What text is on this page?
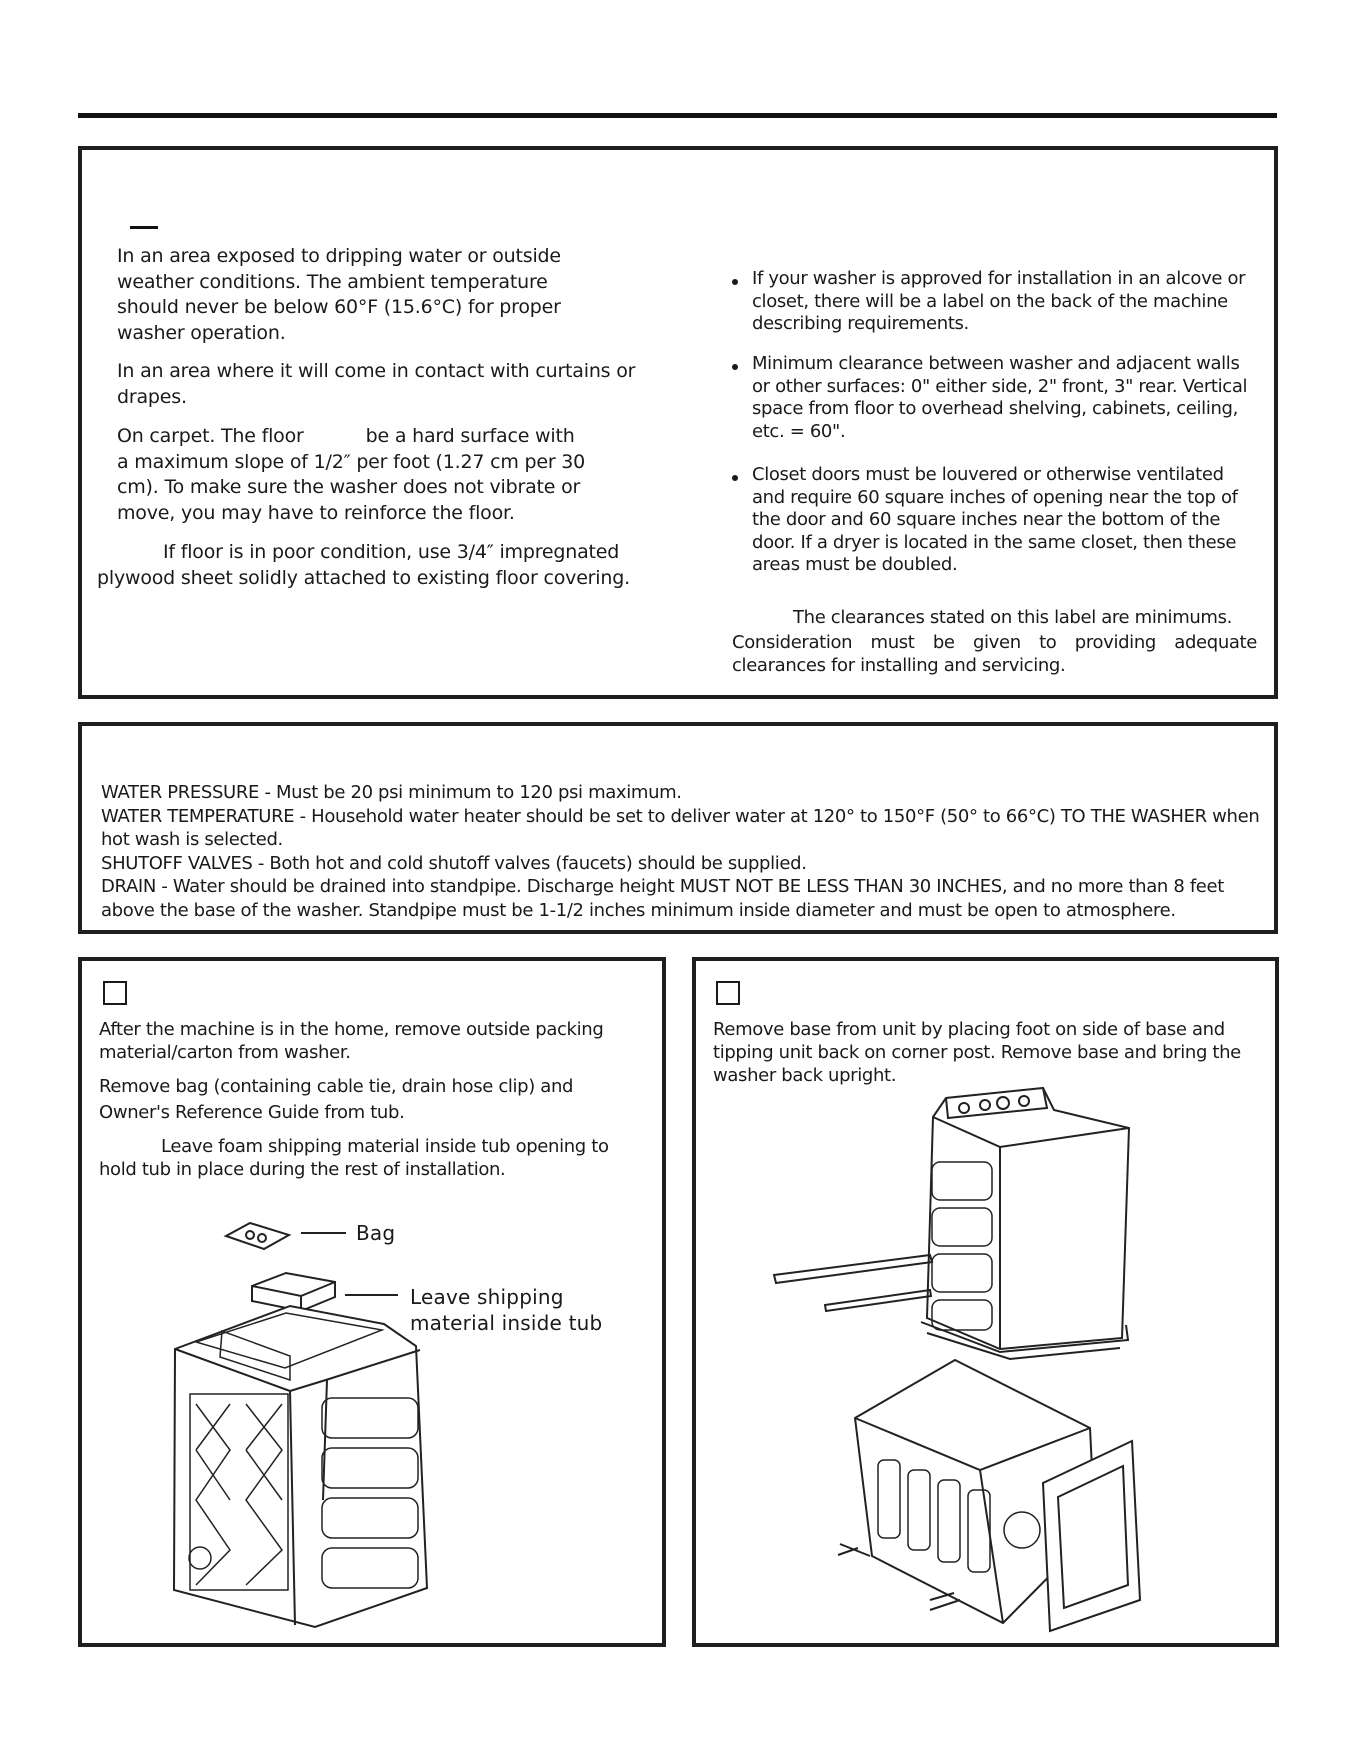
In an area exposed to dripping water or outside weather conditions. The ambient temperature should never be below 60°F (15.6°C) for proper washer operation.
In an area where it will come in contact with curtains or drapes.
On carpet. The floor	be a hard surface with
a maximum slope of 1/2″ per foot (1.27 cm per 30 cm). To make sure the washer does not vibrate or move, you may have to reinforce the floor.
If floor is in poor condition, use 3/4″ impregnated
plywood sheet solidly attached to existing floor covering.
If your washer is approved for installation in an alcove or closet, there will be a label on the back of the machine describing requirements.
Minimum clearance between washer and adjacent walls or other surfaces: 0" either side, 2" front, 3" rear. Vertical space from floor to overhead shelving, cabinets, ceiling, etc. = 60".
Closet doors must be louvered or otherwise ventilated and require 60 square inches of opening near the top of the door and 60 square inches near the bottom of the door. If a dryer is located in the same closet, then these areas must be doubled.
The clearances stated on this label are minimums.
Consideration must be given to providing adequate clearances for installing and servicing.
WATER PRESSURE - Must be 20 psi minimum to 120 psi maximum.
WATER TEMPERATURE - Household water heater should be set to deliver water at 120° to 150°F (50° to 66°C) TO THE WASHER when
hot wash is selected.
SHUTOFF VALVES - Both hot and cold shutoff valves (faucets) should be supplied.
DRAIN - Water should be drained into standpipe. Discharge height MUST NOT BE LESS THAN 30 INCHES, and no more than 8 feet
above the base of the washer. Standpipe must be 1-1/2 inches minimum inside diameter and must be open to atmosphere.
After the machine is in the home, remove outside packing material/carton from washer.
Remove bag (containing cable tie, drain hose clip) and Owner's Reference Guide from tub.
Leave foam shipping material inside tub opening to hold tub in place during the rest of installation.
Bag
Leave shipping
material inside tub
Remove base from unit by placing foot on side of base and tipping unit back on corner post. Remove base and bring the washer back upright.
